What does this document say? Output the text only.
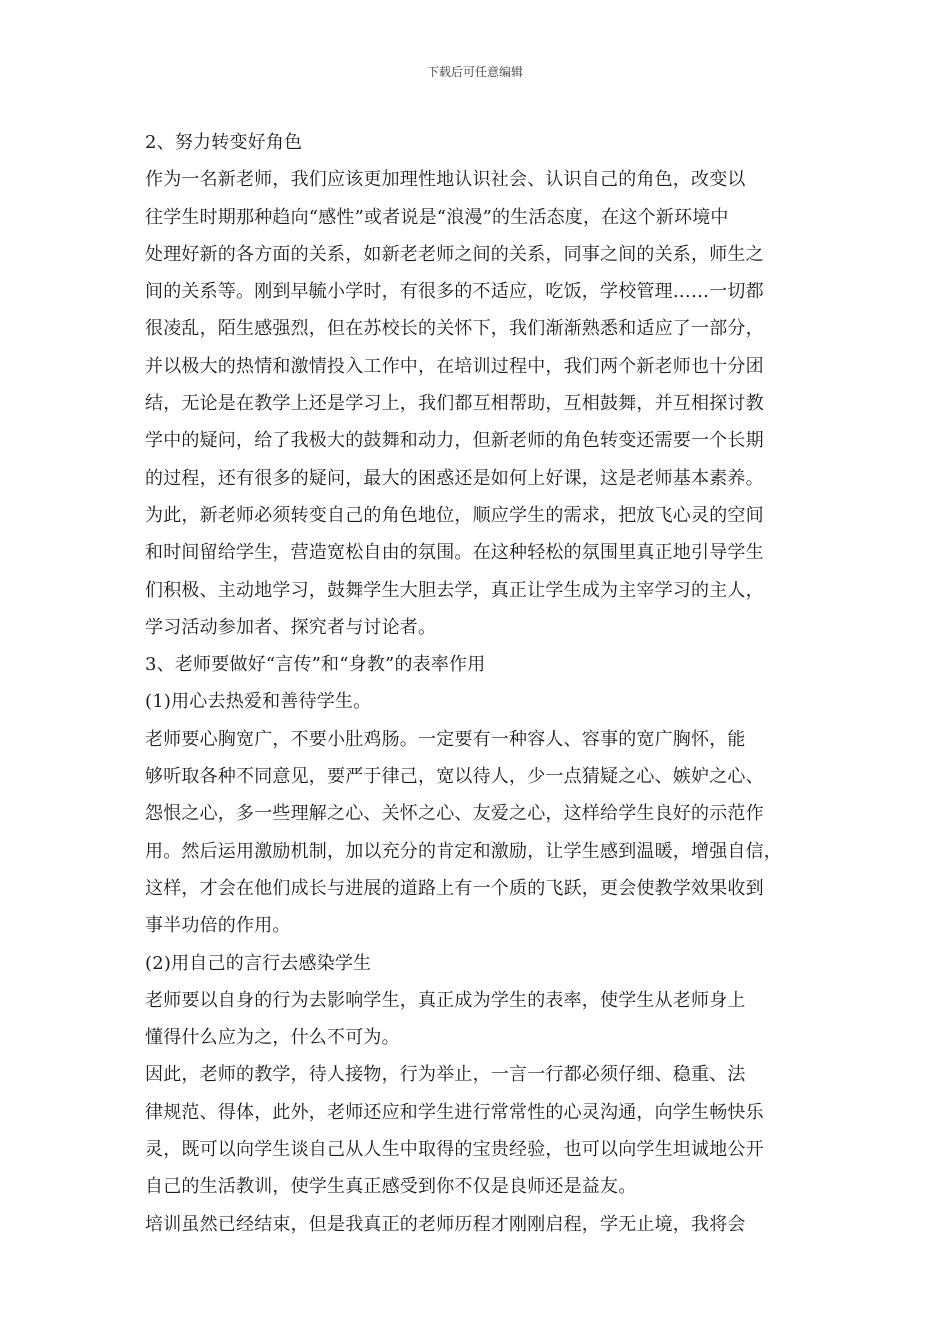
下载后可任意编辑
2、努力转变好角色
作为一名新老师，我们应该更加理性地认识社会、认识自己的角色，改变以
往学生时期那种趋向“感性”或者说是“浪漫”的生活态度，在这个新环境中
处理好新的各方面的关系，如新老老师之间的关系，同事之间的关系，师生之
间的关系等。刚到早毓小学时，有很多的不适应，吃饭，学校管理……一切都
很凌乱，陌生感强烈，但在苏校长的关怀下，我们渐渐熟悉和适应了一部分，
并以极大的热情和激情投入工作中，在培训过程中，我们两个新老师也十分团
结，无论是在教学上还是学习上，我们都互相帮助，互相鼓舞，并互相探讨教
学中的疑问，给了我极大的鼓舞和动力，但新老师的角色转变还需要一个长期
的过程，还有很多的疑问，最大的困惑还是如何上好课，这是老师基本素养。
为此，新老师必须转变自己的角色地位，顺应学生的需求，把放飞心灵的空间
和时间留给学生，营造宽松自由的氛围。在这种轻松的氛围里真正地引导学生
们积极、主动地学习，鼓舞学生大胆去学，真正让学生成为主宰学习的主人，
学习活动参加者、探究者与讨论者。
3、老师要做好“言传”和“身教”的表率作用
(1)用心去热爱和善待学生。
老师要心胸宽广，不要小肚鸡肠。一定要有一种容人、容事的宽广胸怀，能
够听取各种不同意见，要严于律己，宽以待人，少一点猜疑之心、嫉妒之心、
怨恨之心，多一些理解之心、关怀之心、友爱之心，这样给学生良好的示范作
用。然后运用激励机制，加以充分的肯定和激励，让学生感到温暖，增强自信，
这样，才会在他们成长与进展的道路上有一个质的飞跃，更会使教学效果收到
事半功倍的作用。
(2)用自己的言行去感染学生
老师要以自身的行为去影响学生，真正成为学生的表率，使学生从老师身上
懂得什么应为之，什么不可为。
因此，老师的教学，待人接物，行为举止，一言一行都必须仔细、稳重、法
律规范、得体，此外，老师还应和学生进行常常性的心灵沟通，向学生畅快乐
灵，既可以向学生谈自己从人生中取得的宝贵经验，也可以向学生坦诚地公开
自己的生活教训，使学生真正感受到你不仅是良师还是益友。
培训虽然已经结束，但是我真正的老师历程才刚刚启程，学无止境，我将会
